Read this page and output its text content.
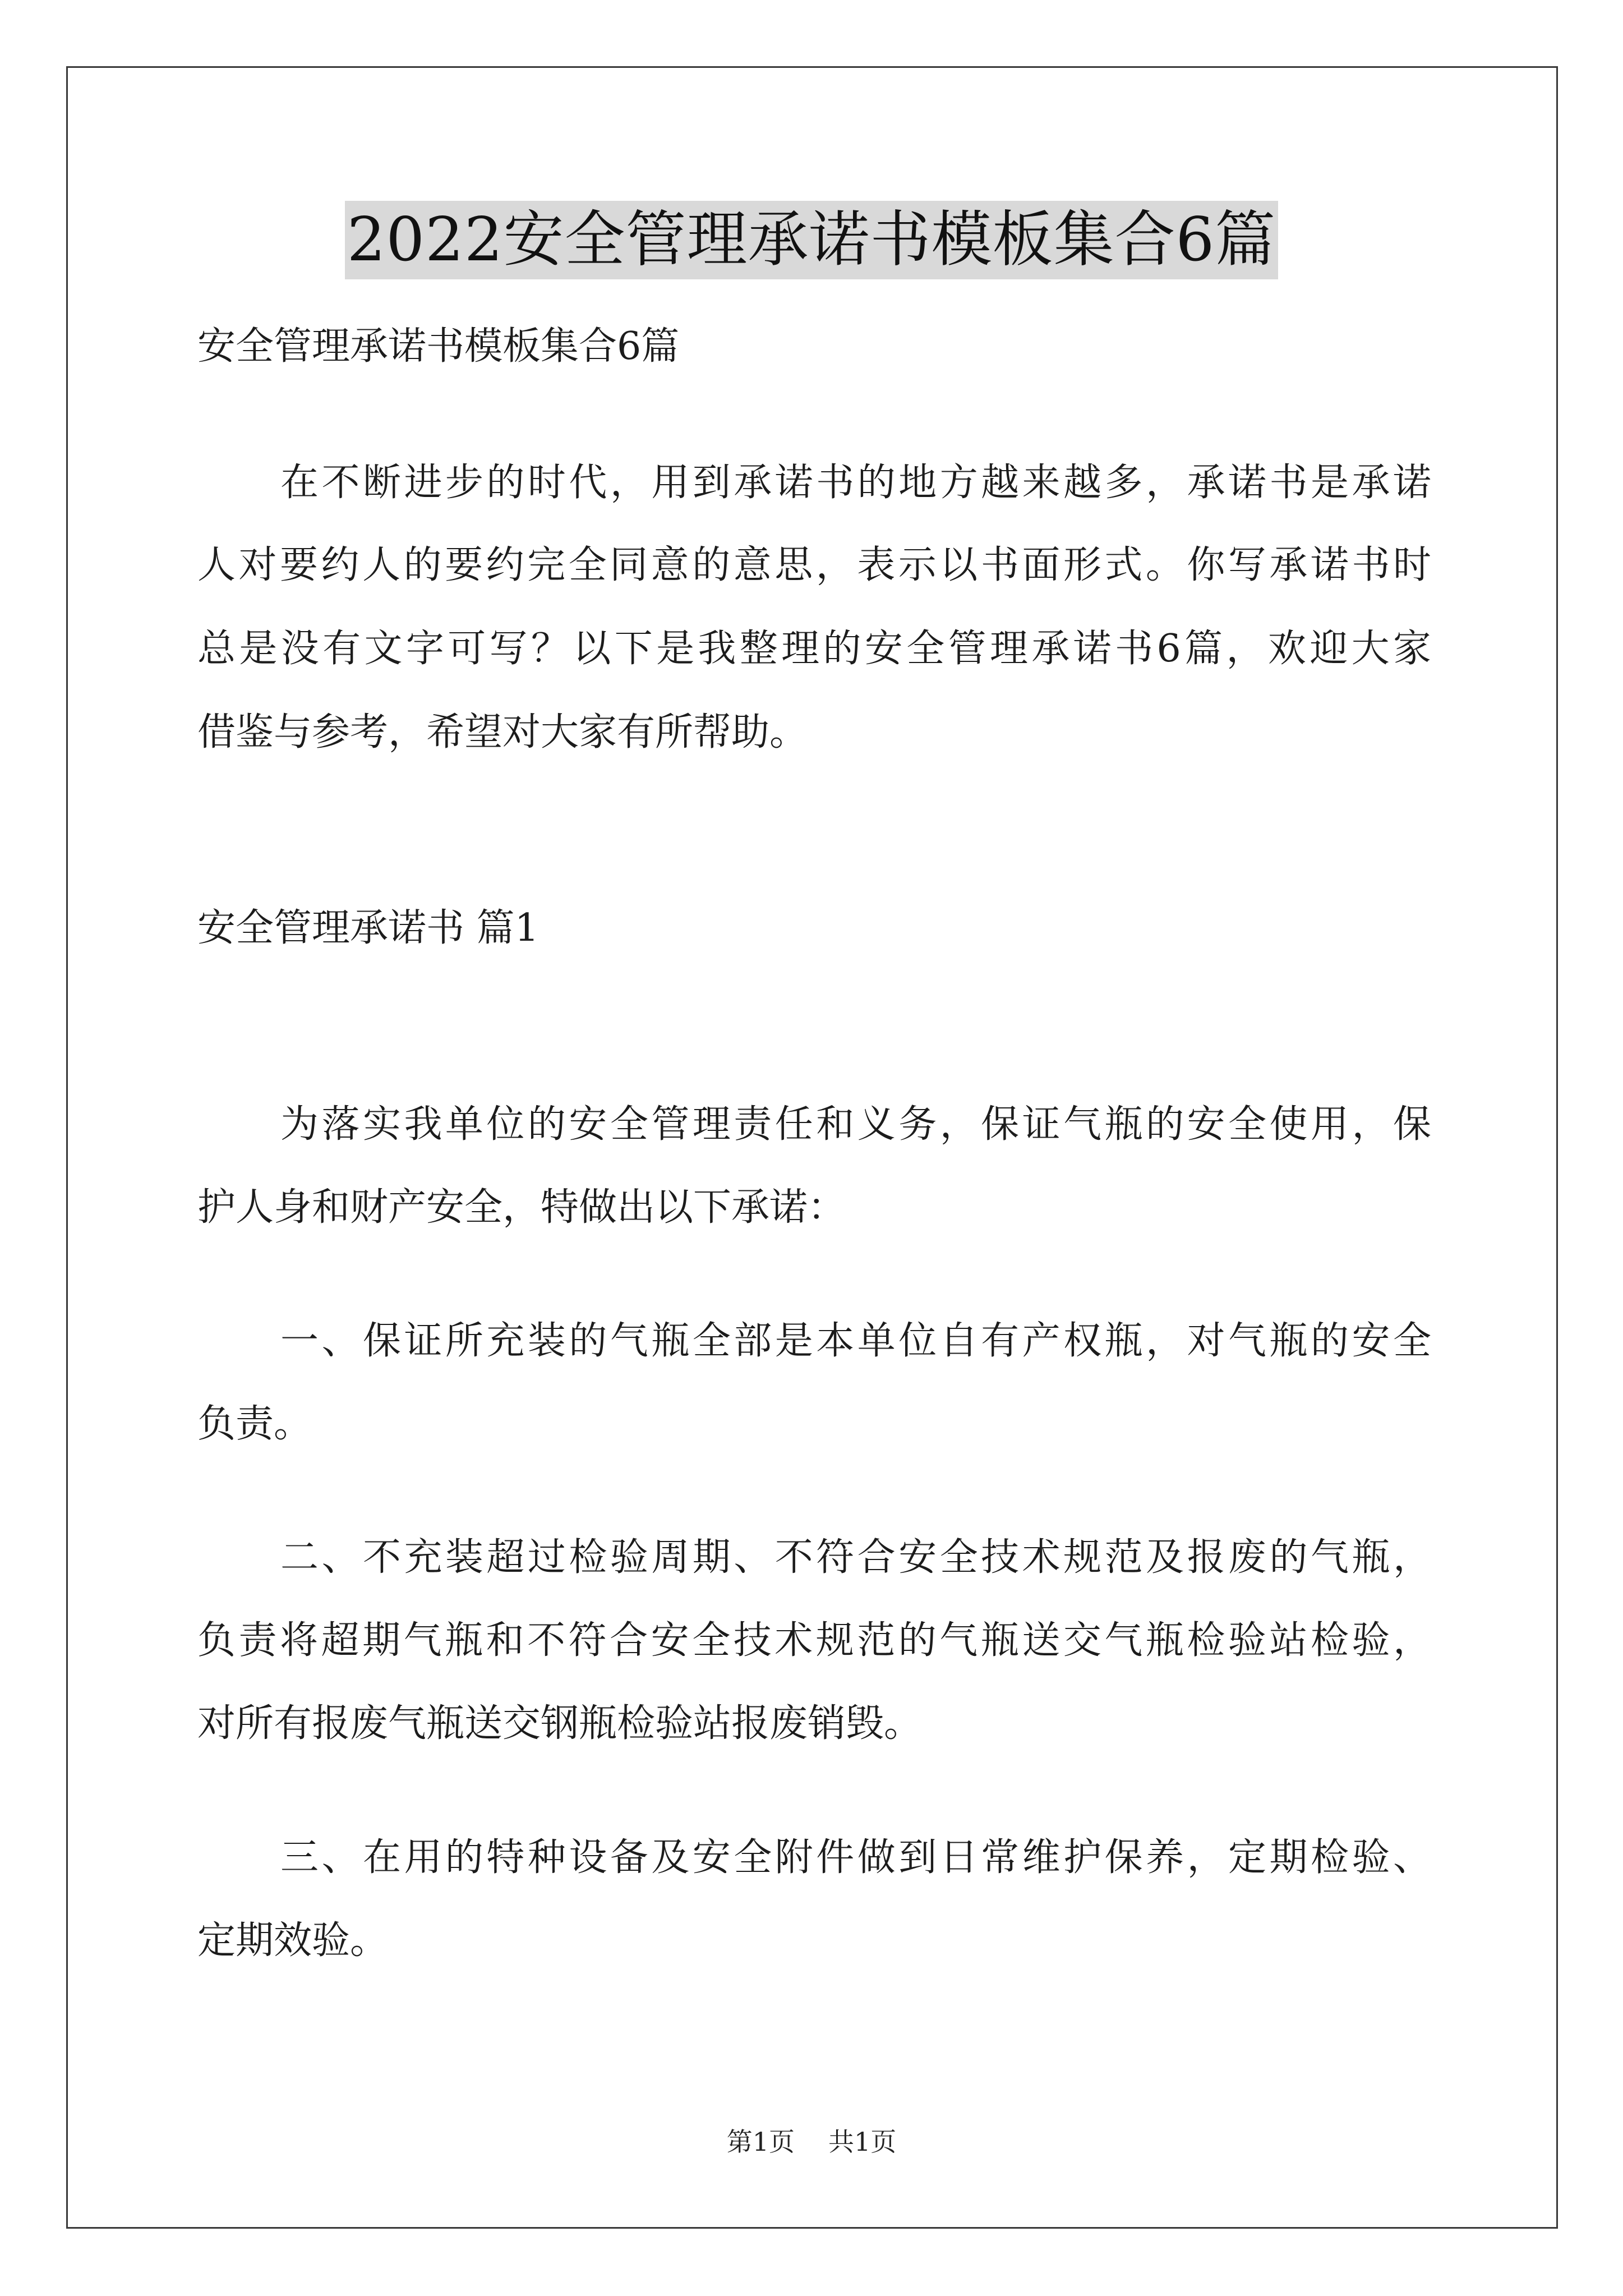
2022安全管理承诺书模板集合6篇
安全管理承诺书模板集合6篇
在不断进步的时代，用到承诺书的地方越来越多，承诺书是承诺
人对要约人的要约完全同意的意思，表示以书面形式。你写承诺书时
总是没有文字可写？以下是我整理的安全管理承诺书6篇，欢迎大家
借鉴与参考，希望对大家有所帮助。
安全管理承诺书 篇1
为落实我单位的安全管理责任和义务，保证气瓶的安全使用，保
护人身和财产安全，特做出以下承诺：
一、保证所充装的气瓶全部是本单位自有产权瓶，对气瓶的安全
负责。
二、不充装超过检验周期、不符合安全技术规范及报废的气瓶，
负责将超期气瓶和不符合安全技术规范的气瓶送交气瓶检验站检验，
对所有报废气瓶送交钢瓶检验站报废销毁。
三、在用的特种设备及安全附件做到日常维护保养，定期检验、
定期效验。
第1页 共1页
